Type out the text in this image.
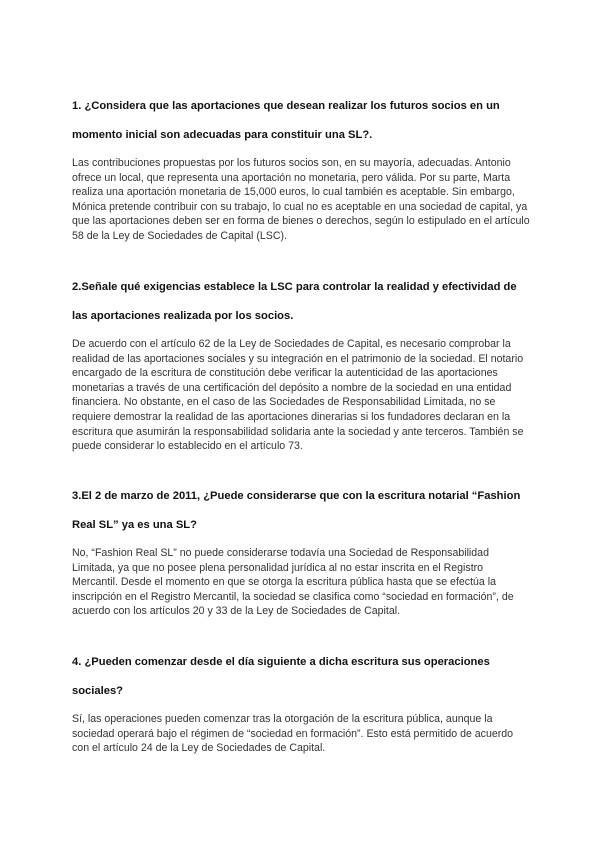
1. ¿Considera que las aportaciones que desean realizar los futuros socios en un

momento inicial son adecuadas para constituir una SL?.

Las contribuciones propuestas por los futuros socios son, en su mayoría, adecuadas. Antonio ofrece un local, que representa una aportación no monetaria, pero válida. Por su parte, Marta realiza una aportación monetaria de 15,000 euros, lo cual también es aceptable. Sin embargo, Mónica pretende contribuir con su trabajo, lo cual no es aceptable en una sociedad de capital, ya que las aportaciones deben ser en forma de bienes o derechos, según lo estipulado en el artículo 58 de la Ley de Sociedades de Capital (LSC).

2.Señale qué exigencias establece la LSC para controlar la realidad y efectividad de

las aportaciones realizada por los socios.

De acuerdo con el artículo 62 de la Ley de Sociedades de Capital, es necesario comprobar la realidad de las aportaciones sociales y su integración en el patrimonio de la sociedad. El notario encargado de la escritura de constitución debe verificar la autenticidad de las aportaciones monetarias a través de una certificación del depósito a nombre de la sociedad en una entidad financiera. No obstante, en el caso de las Sociedades de Responsabilidad Limitada, no se requiere demostrar la realidad de las aportaciones dinerarias si los fundadores declaran en la escritura que asumirán la responsabilidad solidaria ante la sociedad y ante terceros. También se puede considerar lo establecido en el artículo 73.

3.El 2 de marzo de 2011, ¿Puede considerarse que con la escritura notarial “Fashion

Real SL” ya es una SL?

No, “Fashion Real SL” no puede considerarse todavía una Sociedad de Responsabilidad Limitada, ya que no posee plena personalidad jurídica al no estar inscrita en el Registro Mercantil. Desde el momento en que se otorga la escritura pública hasta que se efectúa la inscripción en el Registro Mercantil, la sociedad se clasifica como “sociedad en formación”, de acuerdo con los artículos 20 y 33 de la Ley de Sociedades de Capital.

4. ¿Pueden comenzar desde el día siguiente a dicha escritura sus operaciones

sociales?

Sí, las operaciones pueden comenzar tras la otorgación de la escritura pública, aunque la sociedad operará bajo el régimen de “sociedad en formación”. Esto está permitido de acuerdo con el artículo 24 de la Ley de Sociedades de Capital.
